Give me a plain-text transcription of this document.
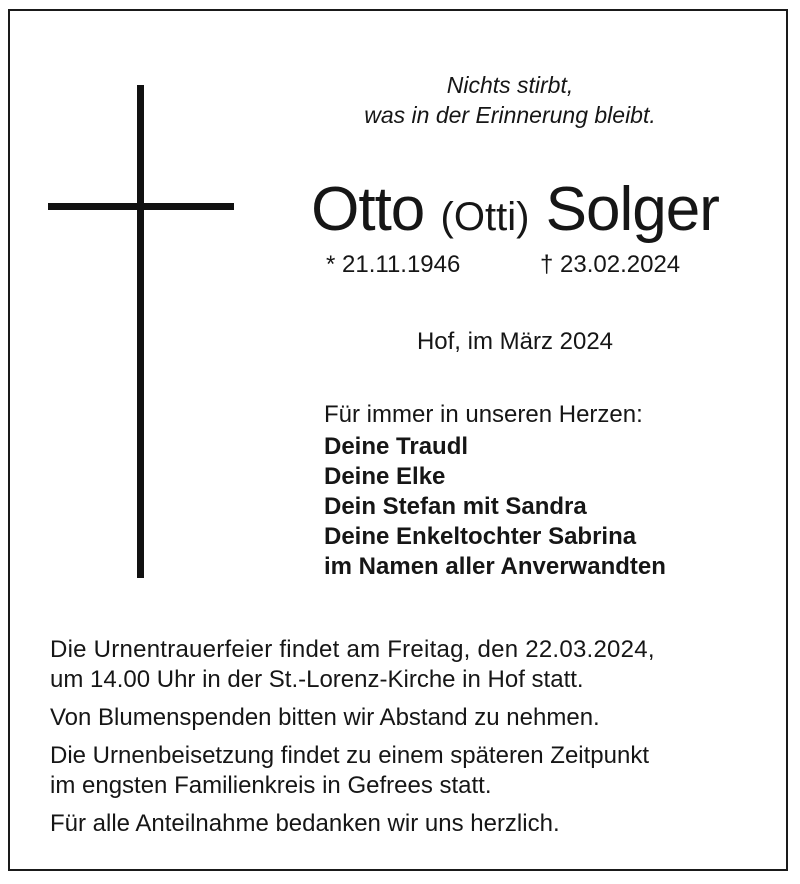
Nichts stirbt,
was in der Erinnerung bleibt.
Otto (Otti) Solger
* 21.11.1946	† 23.02.2024
Hof, im März 2024
Für immer in unseren Herzen:
Deine Traudl
Deine Elke
Dein Stefan mit Sandra
Deine Enkeltochter Sabrina
im Namen aller Anverwandten

Die Urnentrauerfeier findet am Freitag, den 22.03.2024,
um 14.00 Uhr in der St.-Lorenz-Kirche in Hof statt.

Von Blumenspenden bitten wir Abstand zu nehmen.

Die Urnenbeisetzung findet zu einem späteren Zeitpunkt
im engsten Familienkreis in Gefrees statt.

Für alle Anteilnahme bedanken wir uns herzlich.
